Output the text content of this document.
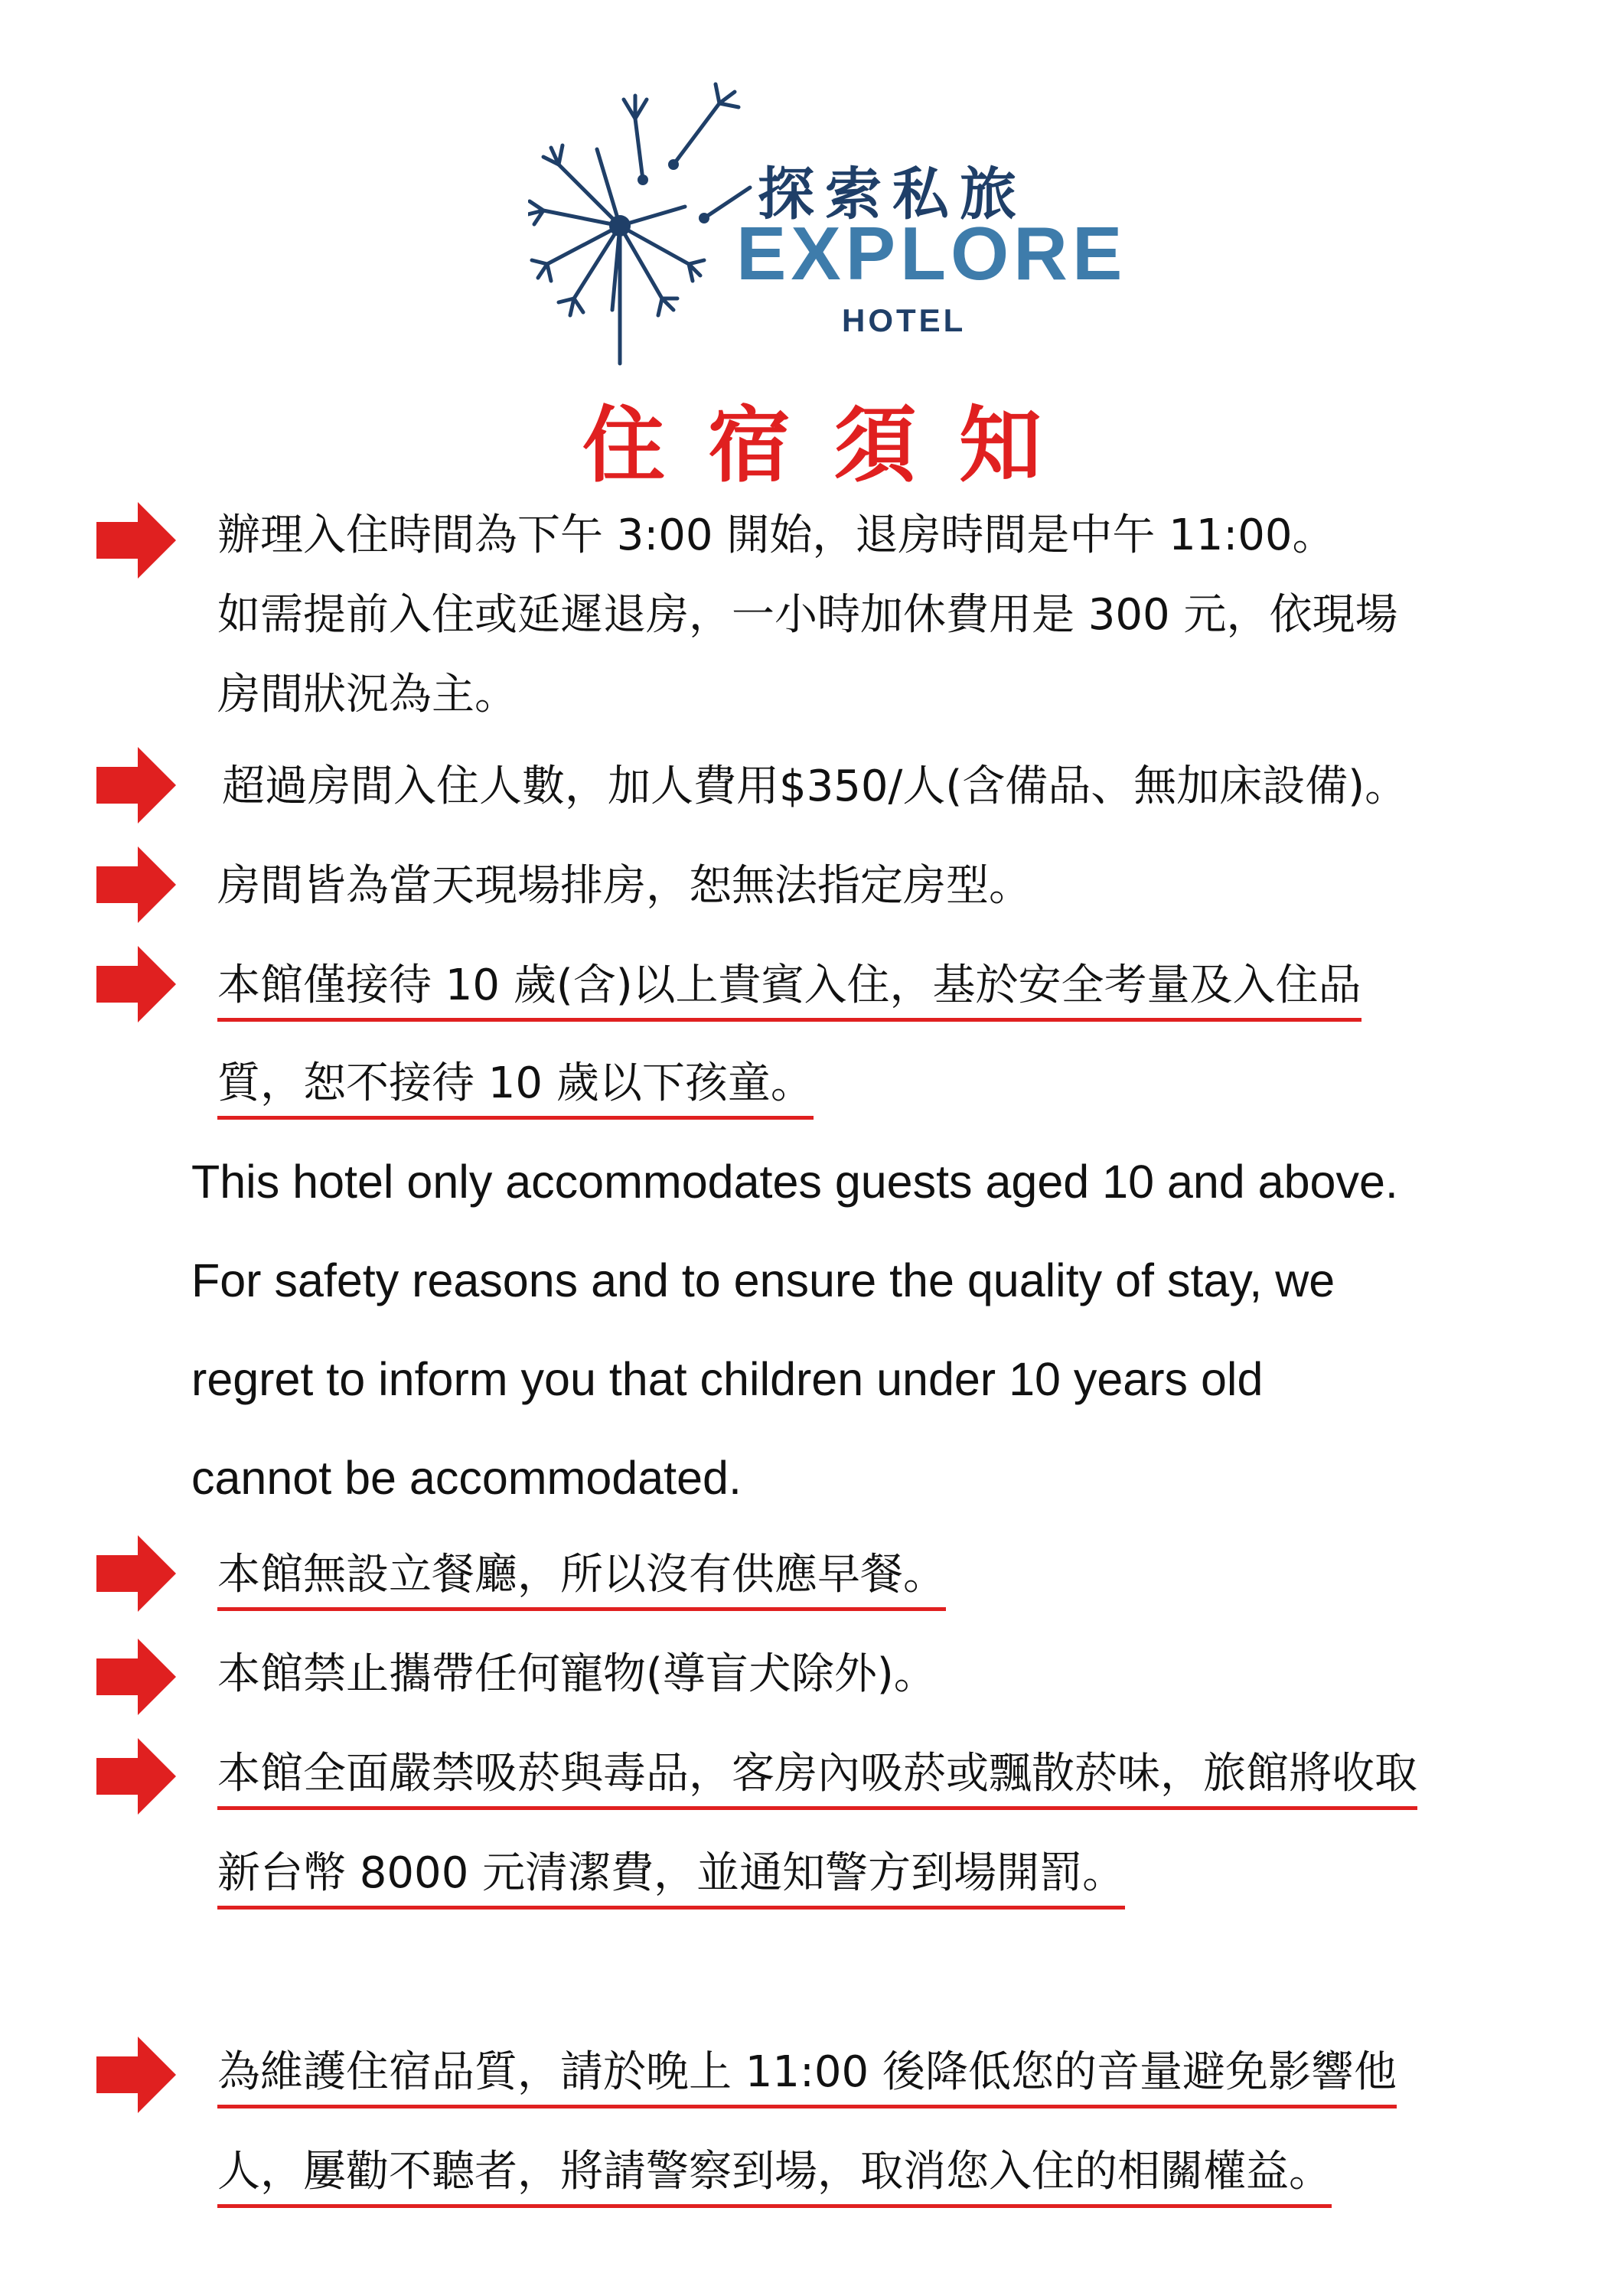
探索私旅
EXPLORE
HOTEL
住宿須知
辦理入住時間為下午 3:00 開始，退房時間是中午 11:00。
如需提前入住或延遲退房，一小時加休費用是 300 元，依現場
房間狀況為主。
超過房間入住人數，加人費用$350/人(含備品、無加床設備)。
房間皆為當天現場排房，恕無法指定房型。
本館僅接待 10 歲(含)以上貴賓入住，基於安全考量及入住品
質，恕不接待 10 歲以下孩童。
This hotel only accommodates guests aged 10 and above.
For safety reasons and to ensure the quality of stay, we
regret to inform you that children under 10 years old
cannot be accommodated.
本館無設立餐廳，所以沒有供應早餐。
本館禁止攜帶任何寵物(導盲犬除外)。
本館全面嚴禁吸菸與毒品，客房內吸菸或飄散菸味，旅館將收取
新台幣 8000 元清潔費，並通知警方到場開罰。
為維護住宿品質，請於晚上 11:00 後降低您的音量避免影響他
人，屢勸不聽者，將請警察到場，取消您入住的相關權益。
